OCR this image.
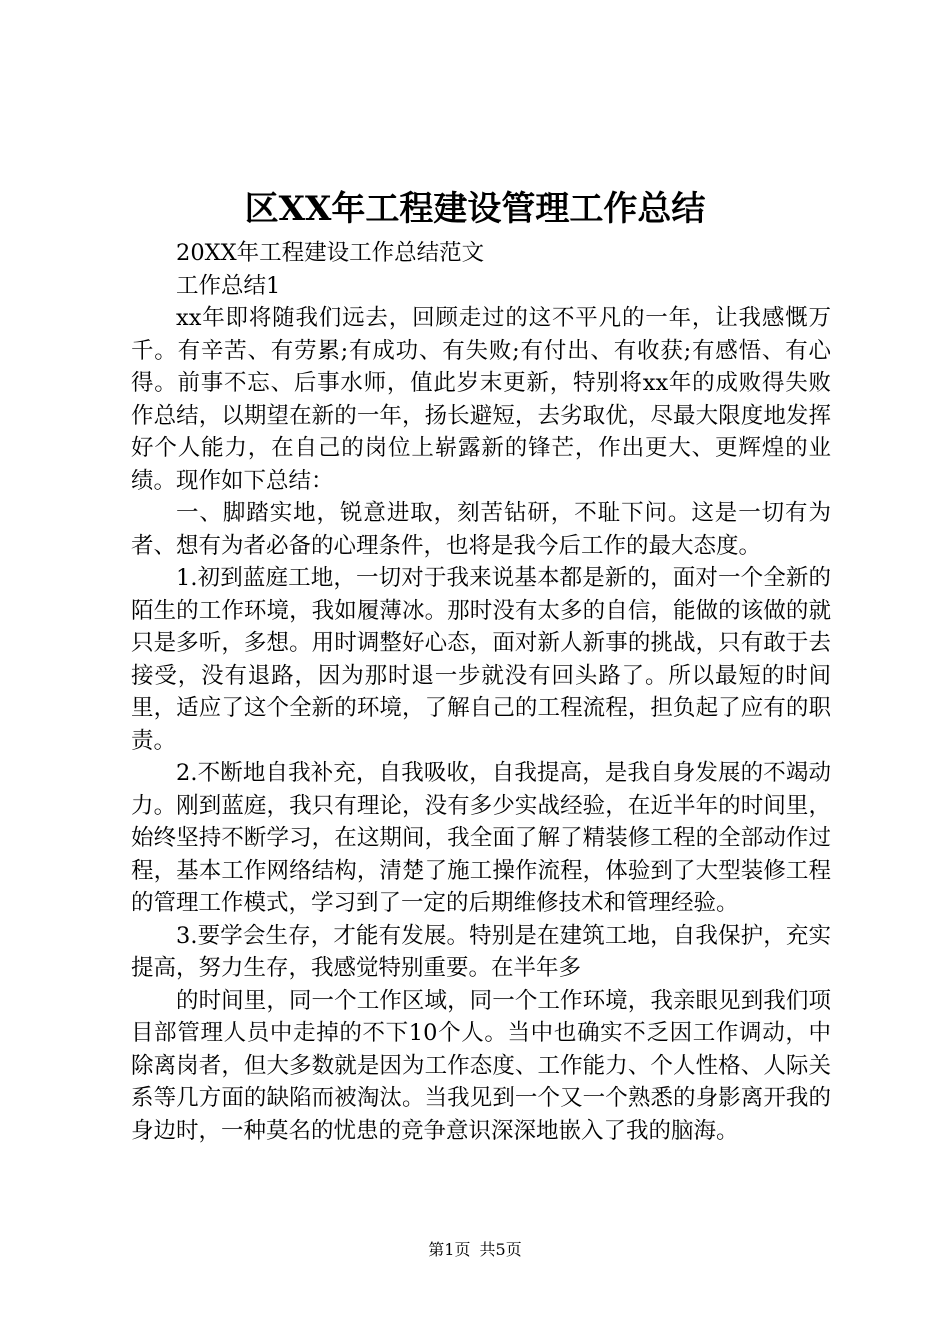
区XX年工程建设管理工作总结

20XX年工程建设工作总结范文

工作总结1

xx年即将随我们远去，回顾走过的这不平凡的一年，让我感慨万千。有辛苦、有劳累;有成功、有失败;有付出、有收获;有感悟、有心得。前事不忘、后事水师，值此岁末更新，特别将xx年的成败得失败作总结，以期望在新的一年，扬长避短，去劣取优，尽最大限度地发挥好个人能力，在自己的岗位上崭露新的锋芒，作出更大、更辉煌的业绩。现作如下总结：

一、脚踏实地，锐意进取，刻苦钻研，不耻下问。这是一切有为者、想有为者必备的心理条件，也将是我今后工作的最大态度。

1.初到蓝庭工地，一切对于我来说基本都是新的，面对一个全新的陌生的工作环境，我如履薄冰。那时没有太多的自信，能做的该做的就只是多听，多想。用时调整好心态，面对新人新事的挑战，只有敢于去接受，没有退路，因为那时退一步就没有回头路了。所以最短的时间里，适应了这个全新的环境，了解自己的工程流程，担负起了应有的职责。

2.不断地自我补充，自我吸收，自我提高，是我自身发展的不竭动力。刚到蓝庭，我只有理论，没有多少实战经验，在近半年的时间里，始终坚持不断学习，在这期间，我全面了解了精装修工程的全部动作过程，基本工作网络结构，清楚了施工操作流程，体验到了大型装修工程的管理工作模式，学习到了一定的后期维修技术和管理经验。

3.要学会生存，才能有发展。特别是在建筑工地，自我保护，充实提高，努力生存，我感觉特别重要。在半年多

的时间里，同一个工作区域，同一个工作环境，我亲眼见到我们项目部管理人员中走掉的不下10个人。当中也确实不乏因工作调动，中除离岗者，但大多数就是因为工作态度、工作能力、个人性格、人际关系等几方面的缺陷而被淘汰。当我见到一个又一个熟悉的身影离开我的身边时，一种莫名的忧患的竞争意识深深地嵌入了我的脑海。

第1页 共5页
